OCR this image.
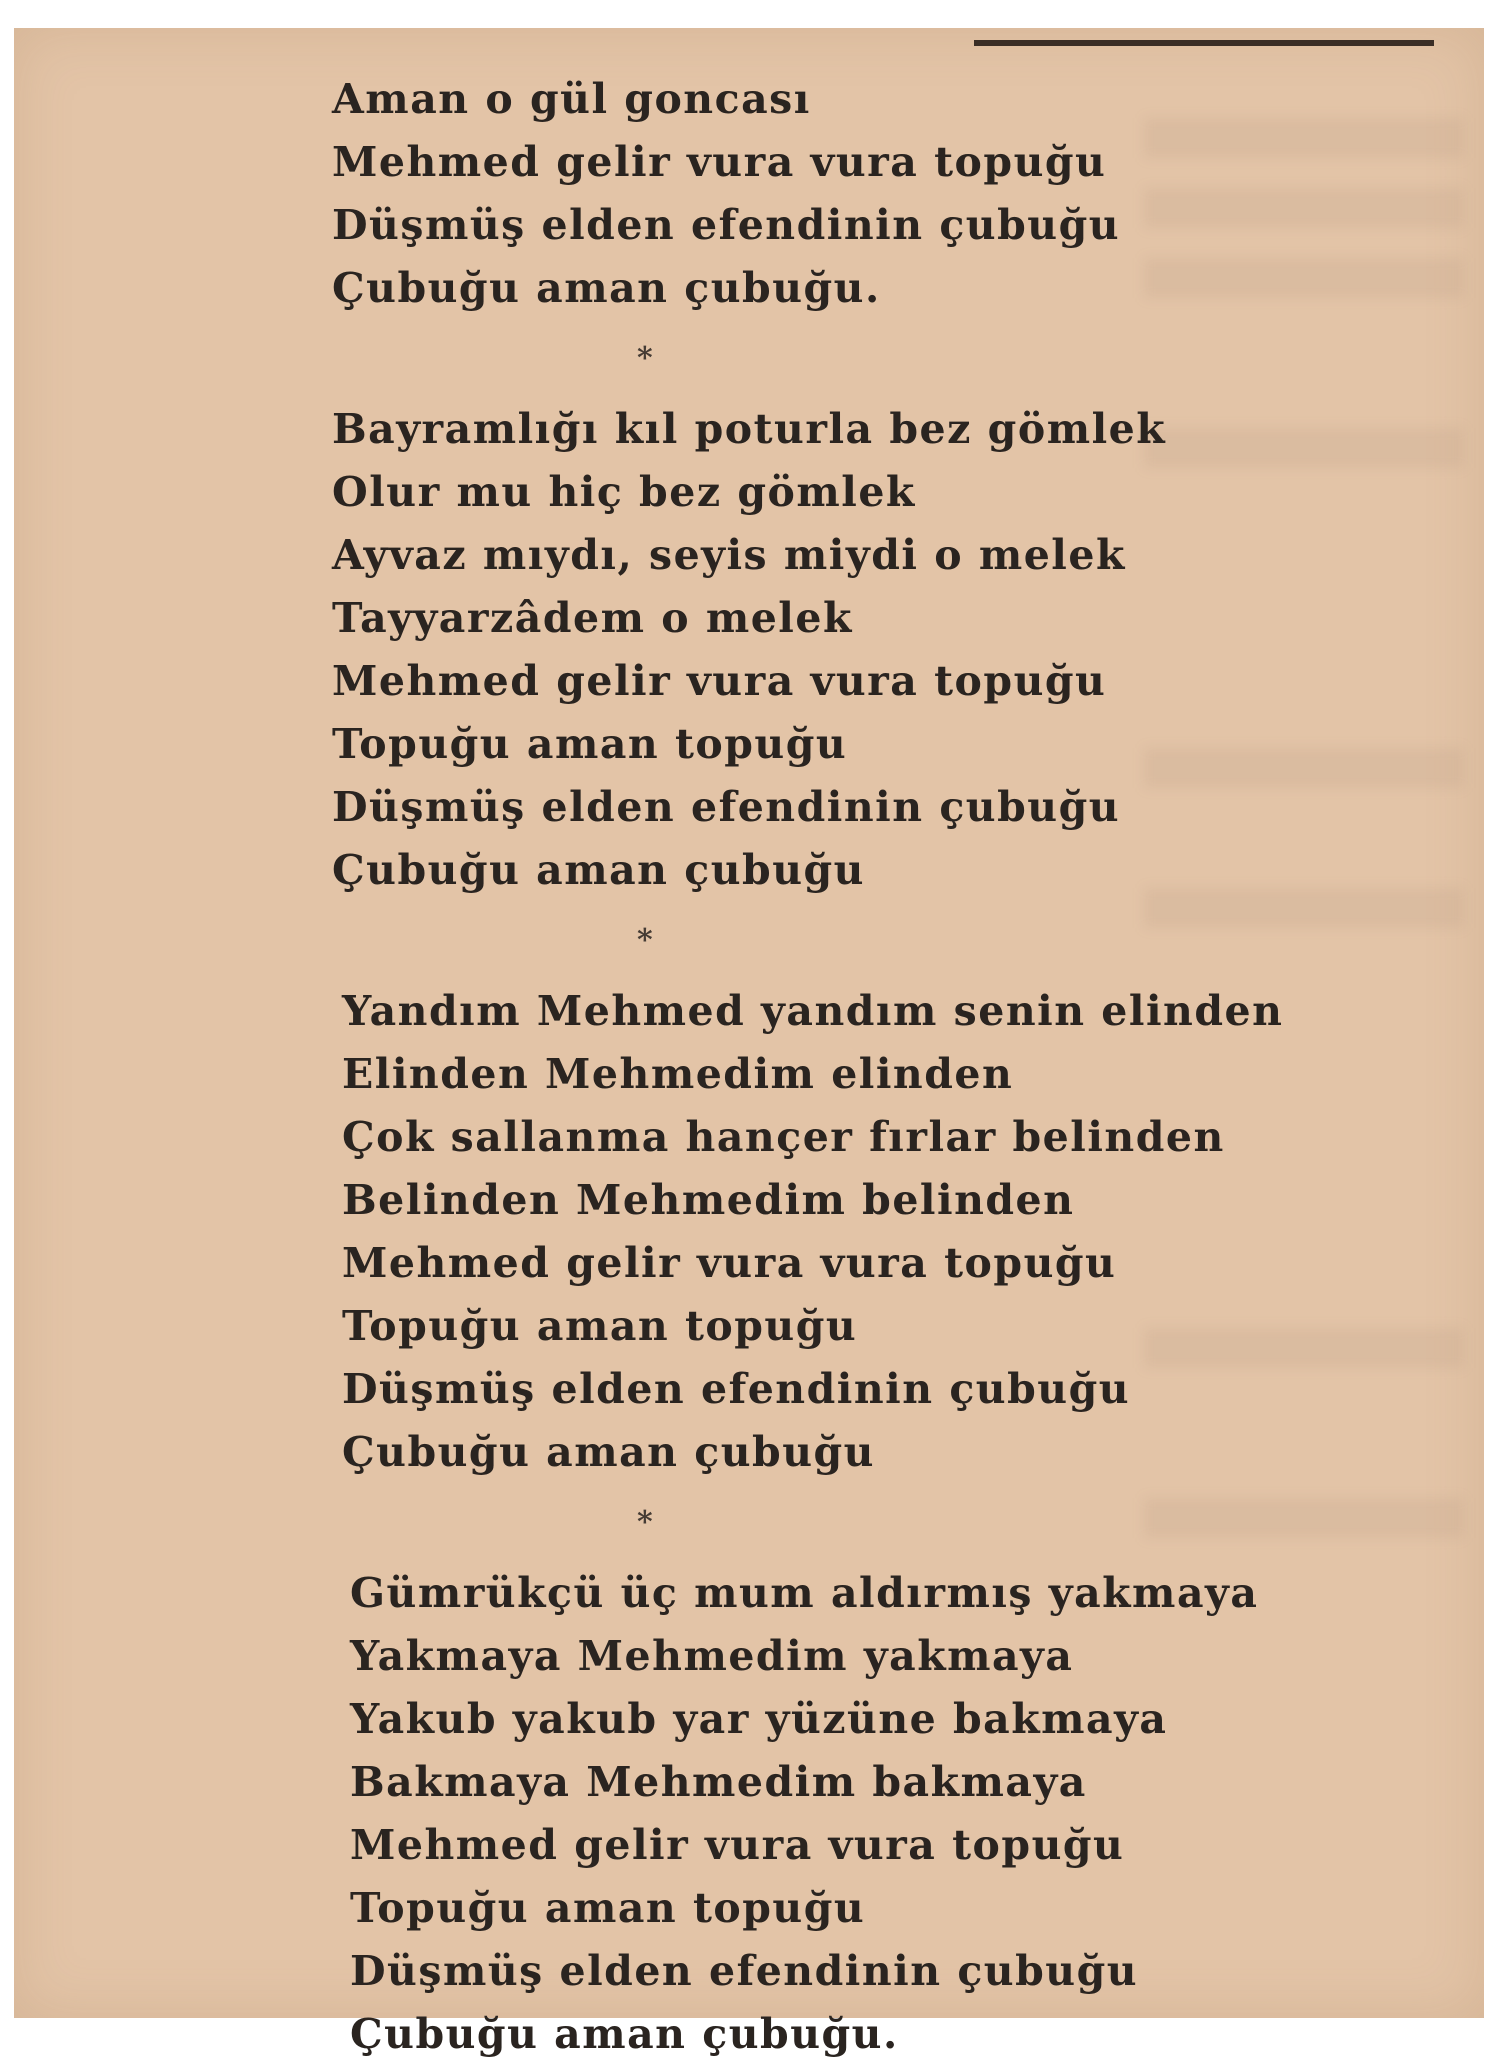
Aman o gül goncası
Mehmed gelir vura vura topuğu
Düşmüş elden efendinin çubuğu
Çubuğu aman çubuğu.
*
Bayramlığı kıl poturla bez gömlek
Olur mu hiç bez gömlek
Ayvaz mıydı, seyis miydi o melek
Tayyarzâdem o melek
Mehmed gelir vura vura topuğu
Topuğu aman topuğu
Düşmüş elden efendinin çubuğu
Çubuğu aman çubuğu
*
Yandım Mehmed yandım senin elinden
Elinden Mehmedim elinden
Çok sallanma hançer fırlar belinden
Belinden Mehmedim belinden
Mehmed gelir vura vura topuğu
Topuğu aman topuğu
Düşmüş elden efendinin çubuğu
Çubuğu aman çubuğu
*
Gümrükçü üç mum aldırmış yakmaya
Yakmaya Mehmedim yakmaya
Yakub yakub yar yüzüne bakmaya
Bakmaya Mehmedim bakmaya
Mehmed gelir vura vura topuğu
Topuğu aman topuğu
Düşmüş elden efendinin çubuğu
Çubuğu aman çubuğu.
